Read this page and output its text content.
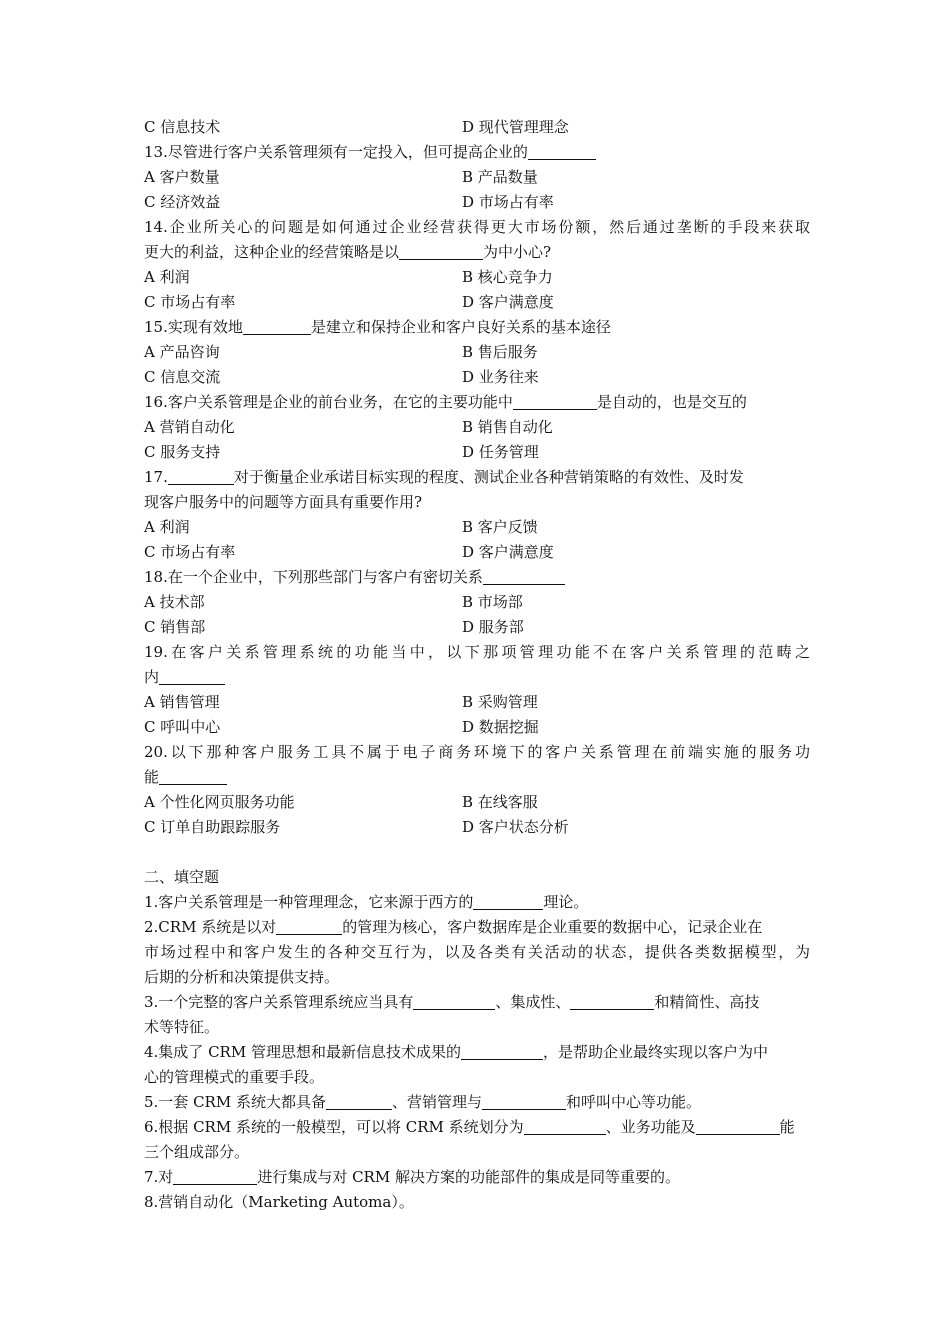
C 信息技术	D 现代管理理念
13.尽管进行客户关系管理须有一定投入，但可提高企业的
A 客户数量	B 产品数量
C 经济效益	D 市场占有率
14.企业所关心的问题是如何通过企业经营获得更大市场份额，然后通过垄断的手段来获取
更大的利益，这种企业的经营策略是以	为中小心?
A 利润	B 核心竞争力
C 市场占有率	D 客户满意度
15.实现有效地	是建立和保持企业和客户良好关系的基本途径
A 产品咨询	B 售后服务
C 信息交流	D 业务往来
16.客户关系管理是企业的前台业务，在它的主要功能中	是自动的，也是交互的
A 营销自动化	B 销售自动化
C 服务支持	D 任务管理
17.	对于衡量企业承诺目标实现的程度、测试企业各种营销策略的有效性、及时发
现客户服务中的问题等方面具有重要作用?
A 利润	B 客户反馈
C 市场占有率	D 客户满意度
18.在一个企业中，下列那些部门与客户有密切关系
A 技术部	B 市场部
C 销售部	D 服务部
19.在客户关系管理系统的功能当中，以下那项管理功能不在客户关系管理的范畴之
内
A 销售管理	B 采购管理
C 呼叫中心	D 数据挖掘
20.以下那种客户服务工具不属于电子商务环境下的客户关系管理在前端实施的服务功
能
A 个性化网页服务功能	B 在线客服
C 订单自助跟踪服务	D 客户状态分析
二、填空题
1.客户关系管理是一种管理理念，它来源于西方的	理论。
2.CRM 系统是以对	的管理为核心，客户数据库是企业重要的数据中心，记录企业在
市场过程中和客户发生的各种交互行为，以及各类有关活动的状态，提供各类数据模型，为
后期的分析和决策提供支持。
3.一个完整的客户关系管理系统应当具有	、集成性、	和精简性、高技
术等特征。
4.集成了 CRM 管理思想和最新信息技术成果的	，是帮助企业最终实现以客户为中
心的管理模式的重要手段。
5.一套 CRM 系统大都具备	、营销管理与	和呼叫中心等功能。
6.根据 CRM 系统的一般模型，可以将 CRM 系统划分为	、业务功能及	能
三个组成部分。
7.对	进行集成与对 CRM 解决方案的功能部件的集成是同等重要的。
8.营销自动化（Marketing Automa）。
